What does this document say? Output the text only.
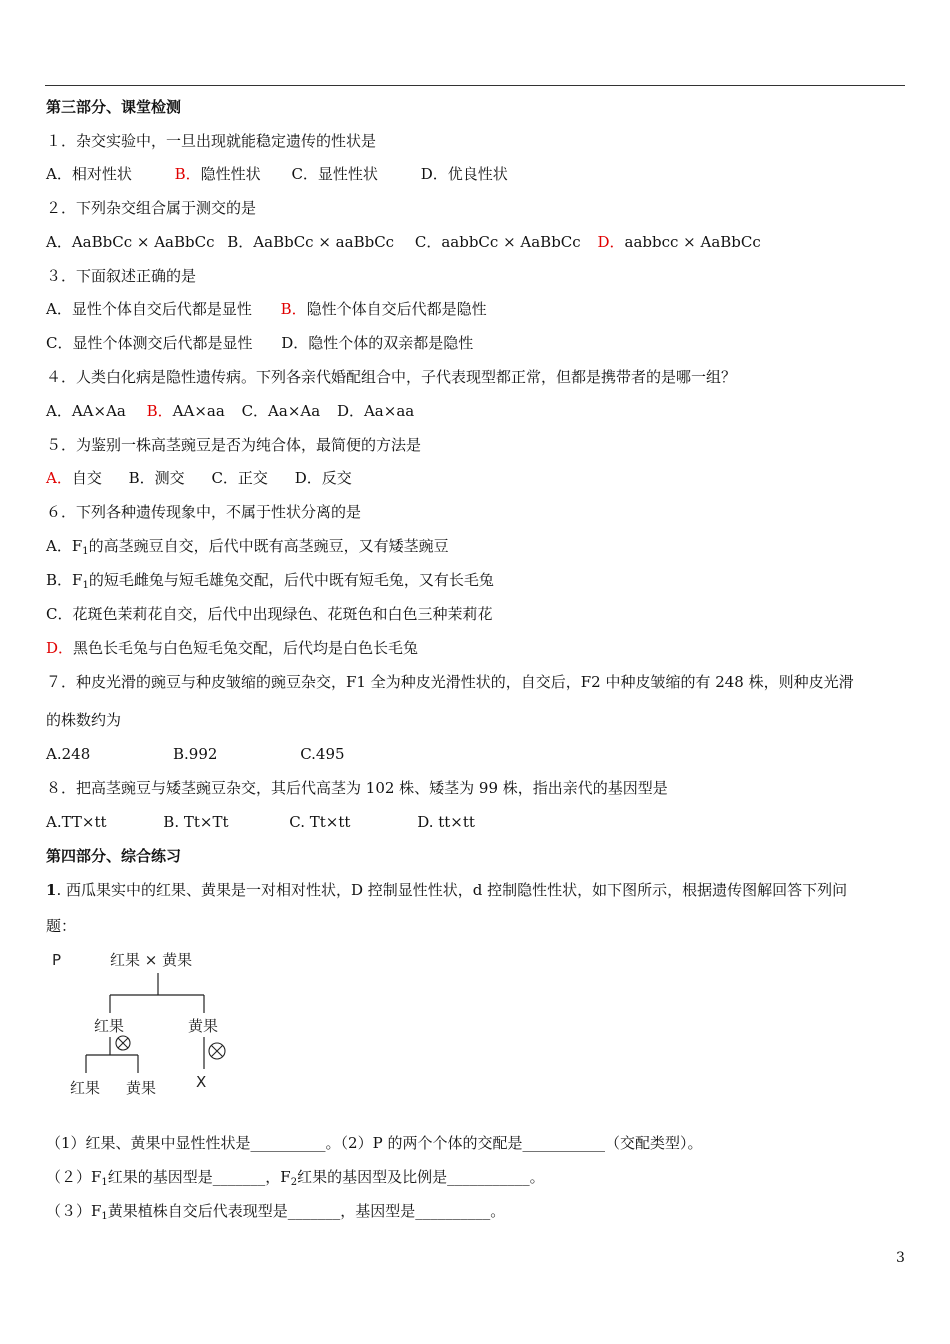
第三部分、课堂检测
１．杂交实验中，一旦出现就能稳定遗传的性状是
A．相对性状	B．隐性性状 C．显性性状	D．优良性状
２．下列杂交组合属于测交的是
A．AaBbCc × AaBbCc B．AaBbCc × aaBbCc C．aabbCc × AaBbCc D．aabbcc × AaBbCc
３．下面叙述正确的是
A．显性个体自交后代都是显性 B．隐性个体自交后代都是隐性
C．显性个体测交后代都是显性 D．隐性个体的双亲都是隐性
４．人类白化病是隐性遗传病。下列各亲代婚配组合中，子代表现型都正常，但都是携带者的是哪一组？
A．AA×Aa B．AA×aa C．Aa×Aa D．Aa×aa
５．为鉴别一株高茎豌豆是否为纯合体，最简便的方法是
A．自交 B．测交 C．正交 D．反交
６．下列各种遗传现象中，不属于性状分离的是
A．$F_1$的高茎豌豆自交，后代中既有高茎豌豆，又有矮茎豌豆
B．$F_1$的短毛雌兔与短毛雄兔交配，后代中既有短毛兔，又有长毛兔
C．花斑色茉莉花自交，后代中出现绿色、花斑色和白色三种茉莉花
D．黑色长毛兔与白色短毛兔交配，后代均是白色长毛兔
７．种皮光滑的豌豆与种皮皱缩的豌豆杂交，F1 全为种皮光滑性状的，自交后，F2 中种皮皱缩的有 248 株，则种皮光滑
的株数约为
A.248	B.992	C.495
８．把高茎豌豆与矮茎豌豆杂交，其后代高茎为 102 株、矮茎为 99 株，指出亲代的基因型是
A.TT×tt	B. Tt×Tt	C. Tt×tt	D. tt×tt
第四部分、综合练习
1. 西瓜果实中的红果、黄果是一对相对性状，D 控制显性性状，d 控制隐性性状，如下图所示，根据遗传图解回答下列问
题：
P	红果 × 黄果
红果	黄果
红果 黄果	X
（1）红果、黄果中显性性状是__________。（2）P 的两个个体的交配是___________（交配类型）。
$(2)F_1$红果的基因型是_______，$F_2$红果的基因型及比例是___________。
$(3)F_1$黄果植株自交后代表现型是_______，基因型是__________。
3
